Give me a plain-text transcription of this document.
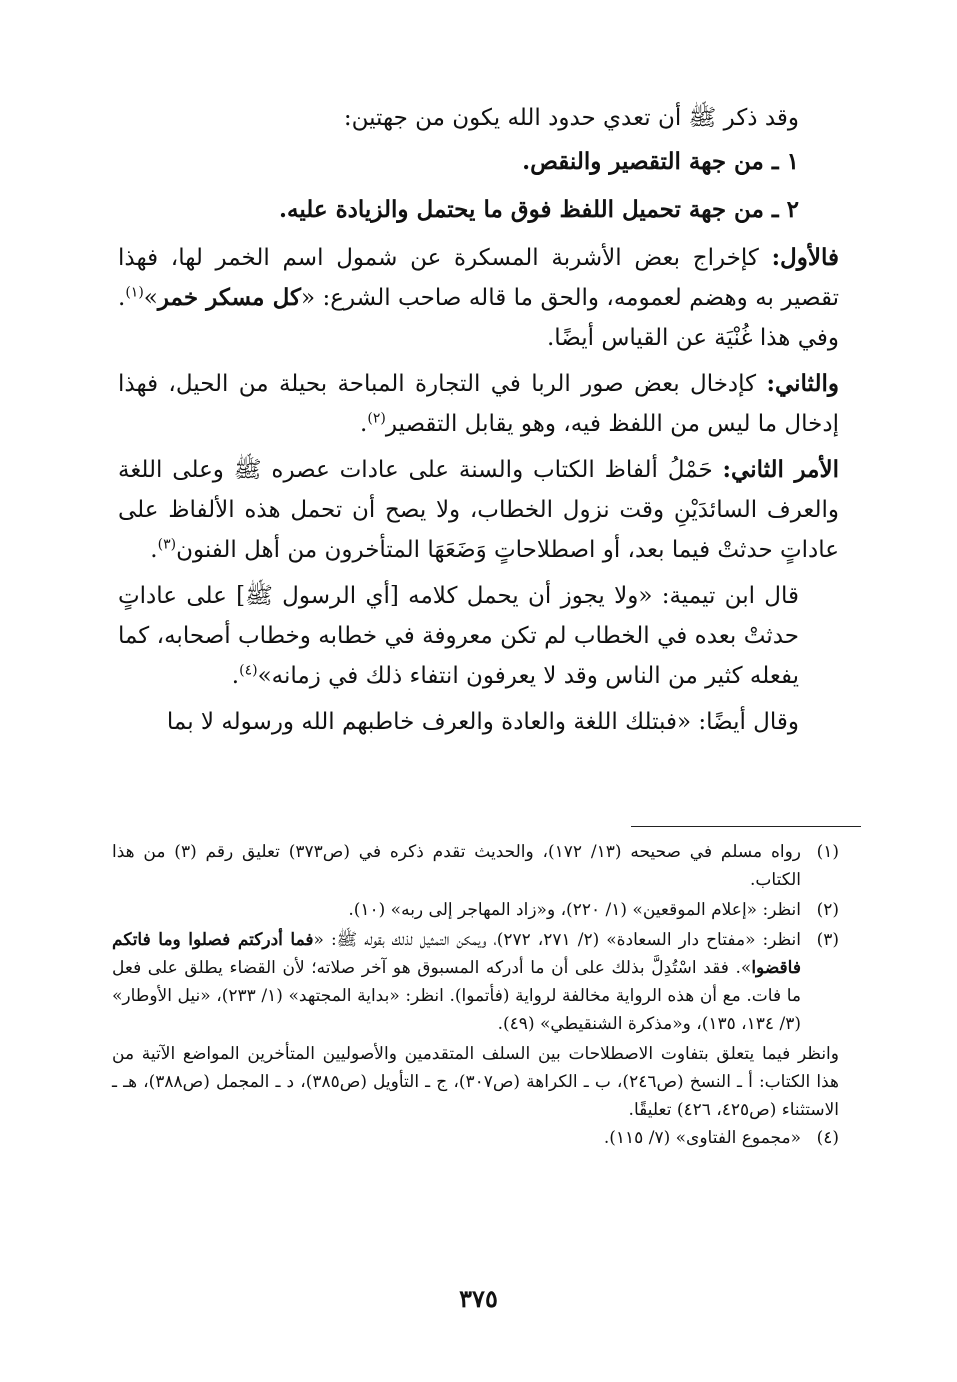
وقد ذكر ﷺ أن تعدي حدود الله يكون من جهتين:

١ ـ من جهة التقصير والنقص.

٢ ـ من جهة تحميل اللفظ فوق ما يحتمل والزيادة عليه.

فالأول: كإخراج بعض الأشربة المسكرة عن شمول اسم الخمر لها، فهذا تقصير به وهضم لعمومه، والحق ما قاله صاحب الشرع: «كل مسكر خمر»$^{(١)}$. وفي هذا غُنْيَة عن القياس أيضًا.

والثاني: كإدخال بعض صور الربا في التجارة المباحة بحيلة من الحيل، فهذا إدخال ما ليس من اللفظ فيه، وهو يقابل التقصير$^{(٢)}$.

الأمر الثاني: حَمْلُ ألفاظ الكتاب والسنة على عادات عصره ﷺ وعلى اللغة والعرف السائدَيْنِ وقت نزول الخطاب، ولا يصح أن تحمل هذه الألفاظ على عاداتٍ حدثتْ فيما بعد، أو اصطلاحاتٍ وَضَعَهَا المتأخرون من أهل الفنون$^{(٣)}$.

قال ابن تيمية: «ولا يجوز أن يحمل كلامه [أي الرسول ﷺ] على عاداتٍ حدثتْ بعده في الخطاب لم تكن معروفة في خطابه وخطاب أصحابه، كما يفعله كثير من الناس وقد لا يعرفون انتفاء ذلك في زمانه»$^{(٤)}$.

وقال أيضًا: «فبتلك اللغة والعادة والعرف خاطبهم الله ورسوله لا بما

(١)
رواه مسلم في صحيحه (١٣/ ١٧٢)، والحديث تقدم ذكره في (ص٣٧٣) تعليق رقم (٣) من هذا الكتاب.
(٢)
انظر: «إعلام الموقعين» (١/ ٢٢٠)، و«زاد المهاجر إلى ربه» (١٠).
(٣)
انظر: «مفتاح دار السعادة» (٢/ ٢٧١، ٢٧٢)، ويمكن التمثيل لذلك بقوله ﷺ: «فما أدركتم فصلوا وما فاتكم فاقضوا». فقد اسْتُدِلَّ بذلك على أن ما أدركه المسبوق هو آخر صلاته؛ لأن القضاء يطلق على فعل ما فات. مع أن هذه الرواية مخالفة لرواية (فأتموا). انظر: «بداية المجتهد» (١/ ٢٣٣)، «نيل الأوطار» (٣/ ١٣٤، ١٣٥)، و«مذكرة الشنقيطي» (٤٩).
وانظر فيما يتعلق بتفاوت الاصطلاحات بين السلف المتقدمين والأصوليين المتأخرين المواضع الآتية من هذا الكتاب: أ ـ النسخ (ص٢٤٦)، ب ـ الكراهة (ص٣٠٧)، ج ـ التأويل (ص٣٨٥)، د ـ المجمل (ص٣٨٨)، هـ ـ الاستثناء (ص٤٢٥، ٤٢٦) تعليقًا.
(٤)
«مجموع الفتاوى» (٧/ ١١٥).
٣٧٥
